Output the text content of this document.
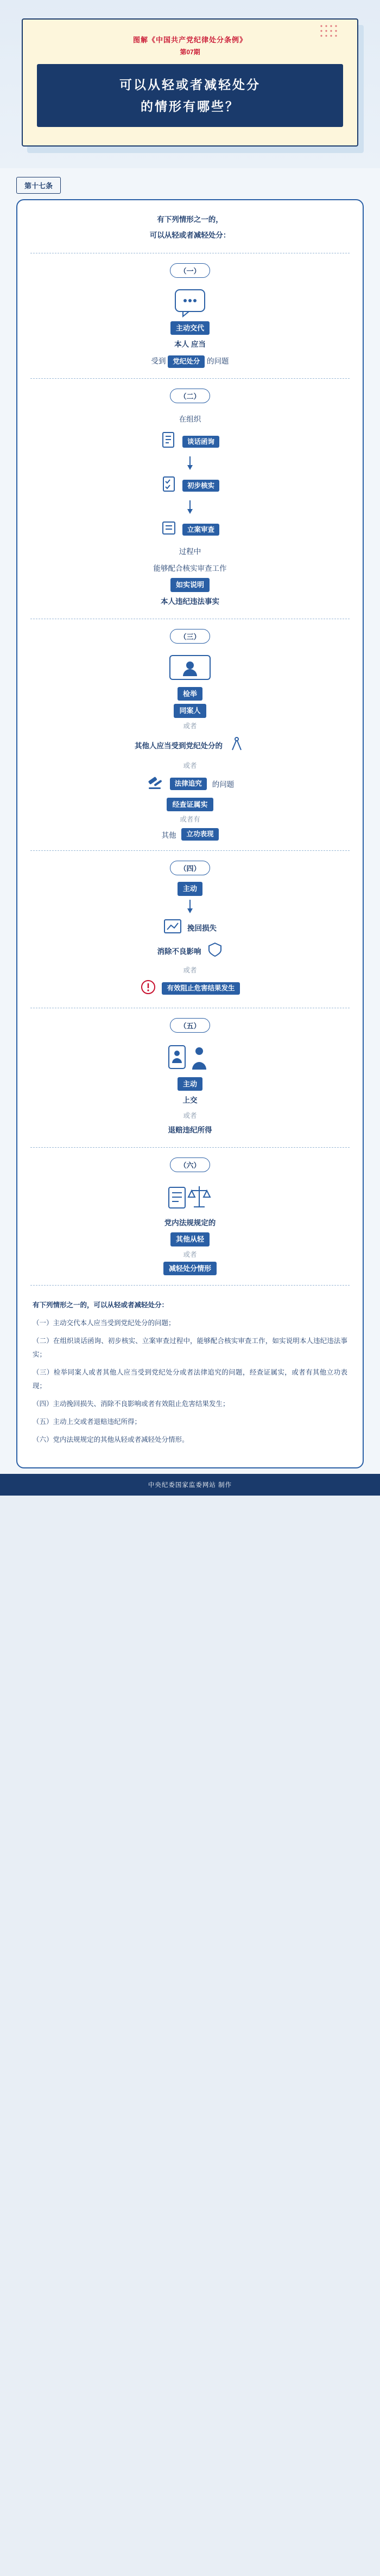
图解《中国共产党纪律处分条例》
第07期
可以从轻或者减轻处分
的情形有哪些？
第十七条
有下列情形之一的，
可以从轻或者减轻处分：
（一）
主动交代
本人 应当
受到 党纪处分 的问题
（二）
在组织
谈话函询
初步核实
立案审查
过程中
能够配合核实审查工作
如实说明
本人违纪违法事实
（三）
检举
同案人
或者
其他人应当受到党纪处分的
或者
法律追究	的问题
经查证属实
或者有
其他	立功表现
（四）
主动
挽回损失
消除不良影响
或者
有效阻止危害结果发生
（五）
主动
上交
或者
退赔违纪所得
（六）
党内法规规定的
其他从轻
或者
减轻处分情形

有下列情形之一的，可以从轻或者减轻处分：

（一）主动交代本人应当受到党纪处分的问题；

（二）在组织谈话函询、初步核实、立案审查过程中，能够配合核实审查工作，如实说明本人违纪违法事实；

（三）检举同案人或者其他人应当受到党纪处分或者法律追究的问题，经查证属实，或者有其他立功表现；

（四）主动挽回损失、消除不良影响或者有效阻止危害结果发生；

（五）主动上交或者退赔违纪所得；

（六）党内法规规定的其他从轻或者减轻处分情形。

中央纪委国家监委网站 制作
